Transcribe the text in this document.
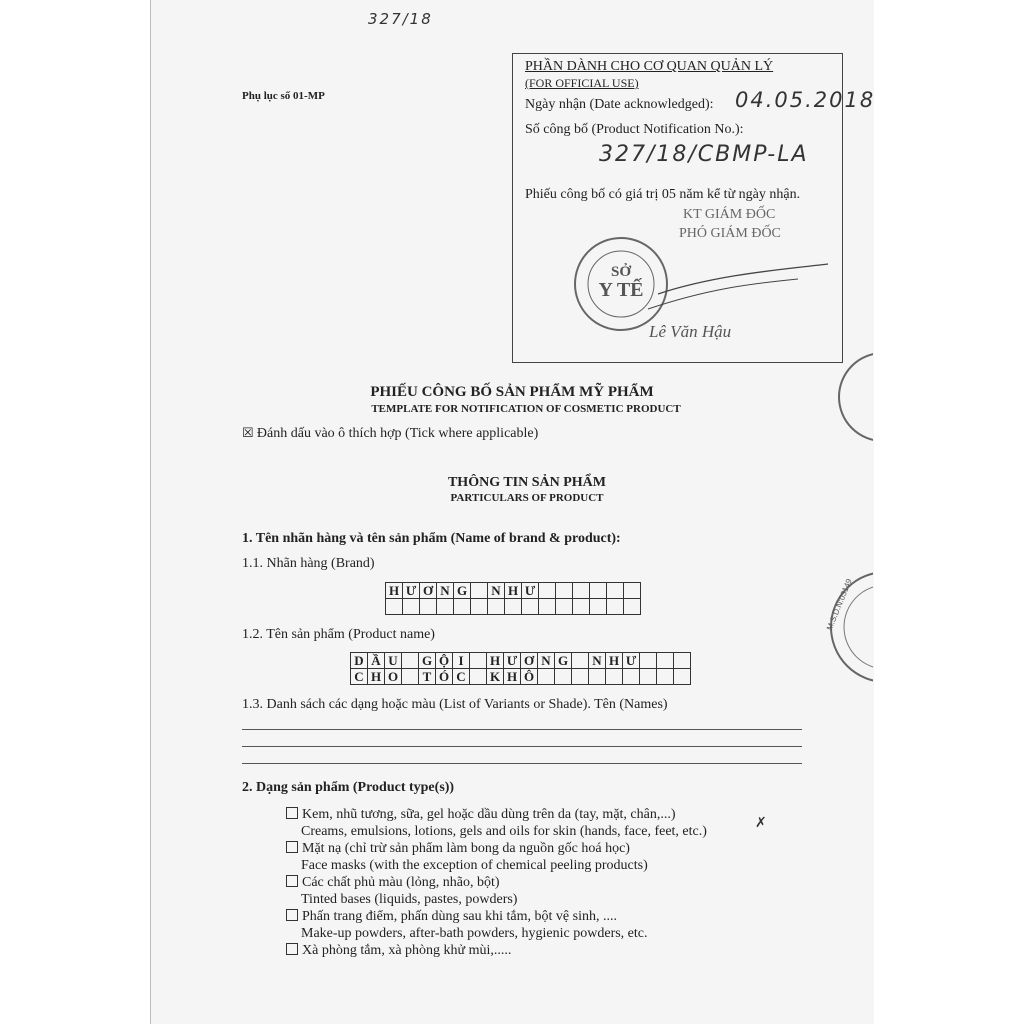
327/18
Phụ lục số 01-MP
PHẦN DÀNH CHO CƠ QUAN QUẢN LÝ
(FOR OFFICIAL USE)
Ngày nhận (Date acknowledged): 04.05.2018
Số công bố (Product Notification No.):
327/18/CBMP-LA
Phiếu công bố có giá trị 05 năm kể từ ngày nhận.
KT GIÁM ĐỐC
PHÓ GIÁM ĐỐC
SỞ
Y TẾ
Lê Văn Hậu
M.S.D.N:03149
PHIẾU CÔNG BỐ SẢN PHẨM MỸ PHẨM
TEMPLATE FOR NOTIFICATION OF COSMETIC PRODUCT
☒ Đánh dấu vào ô thích hợp (Tick where applicable)
THÔNG TIN SẢN PHẨM
PARTICULARS OF PRODUCT
1. Tên nhãn hàng và tên sản phẩm (Name of brand & product):
1.1. Nhãn hàng (Brand)
H	Ư	Ơ	N	G		N	H	Ư						

1.2. Tên sản phẩm (Product name)
D	Ầ	U		G	Ộ	I		H	Ư	Ơ	N	G		N	H	Ư			
C	H	O		T	Ó	C		K	H	Ô									
1.3. Danh sách các dạng hoặc màu (List of Variants or Shade). Tên (Names)
2. Dạng sản phẩm (Product type(s))
Kem, nhũ tương, sữa, gel hoặc dầu dùng trên da (tay, mặt, chân,...)
Creams, emulsions, lotions, gels and oils for skin (hands, face, feet, etc.)
Mặt nạ (chỉ trừ sản phẩm làm bong da nguồn gốc hoá học)
Face masks (with the exception of chemical peeling products)
Các chất phủ màu (lỏng, nhão, bột)
Tinted bases (liquids, pastes, powders)
Phấn trang điểm, phấn dùng sau khi tắm, bột vệ sinh, ....
Make-up powders, after-bath powders, hygienic powders, etc.
Xà phòng tắm, xà phòng khử mùi,.....
✗
